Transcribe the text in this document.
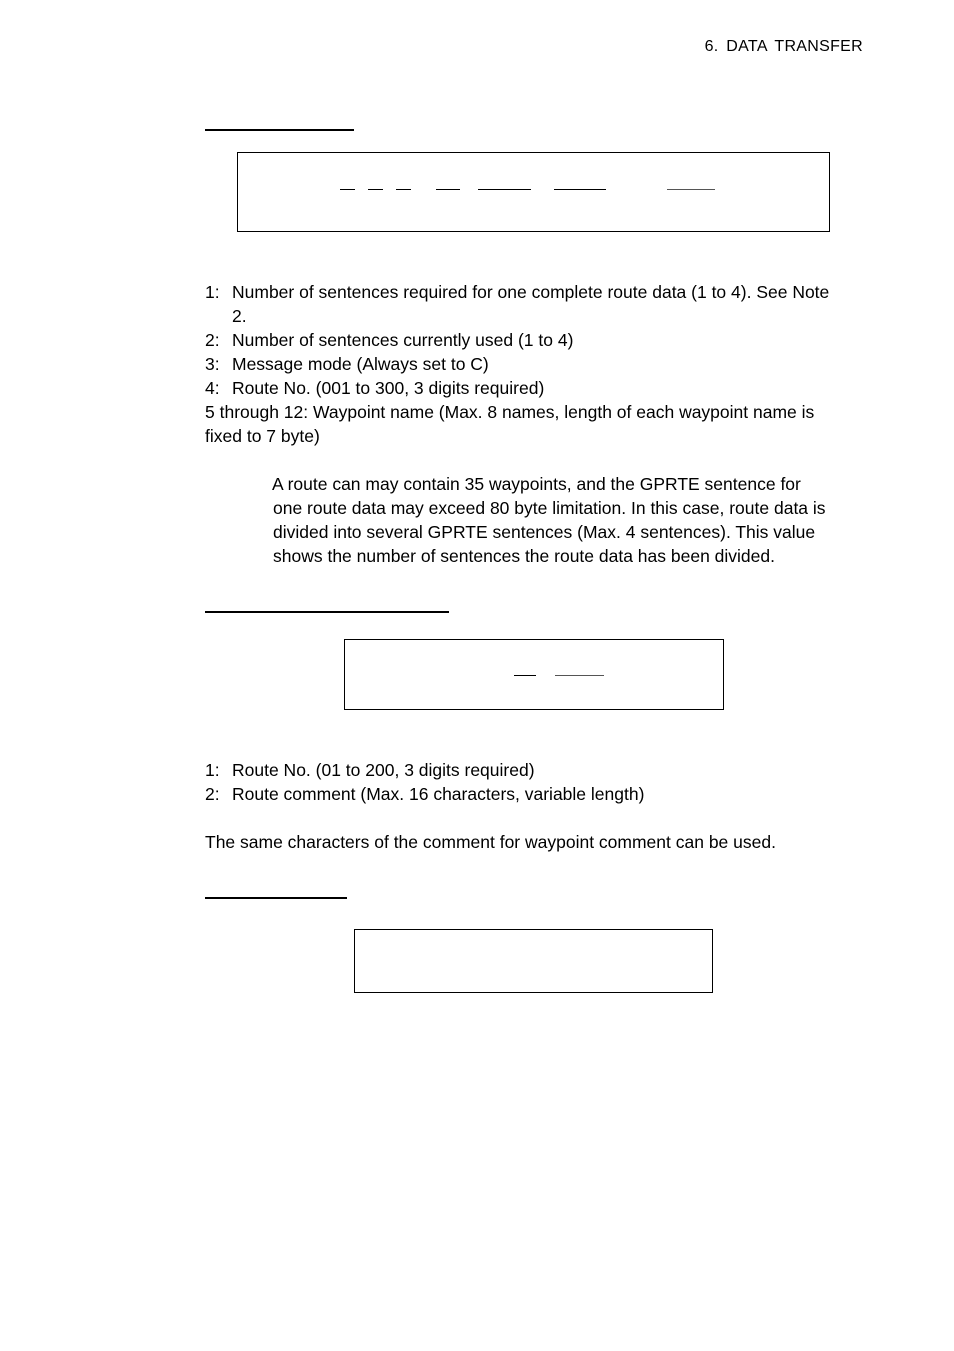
6. DATA TRANSFER
1: Number of sentences required for one complete route data (1 to 4). See Note
2.
2: Number of sentences currently used (1 to 4)
3: Message mode (Always set to C)
4: Route No. (001 to 300, 3 digits required)
5 through 12: Waypoint name (Max. 8 names, length of each waypoint name is
fixed to 7 byte)
A route can may contain 35 waypoints, and the GPRTE sentence for
one route data may exceed 80 byte limitation. In this case, route data is
divided into several GPRTE sentences (Max. 4 sentences). This value
shows the number of sentences the route data has been divided.
1: Route No. (01 to 200, 3 digits required)
2: Route comment (Max. 16 characters, variable length)
The same characters of the comment for waypoint comment can be used.
